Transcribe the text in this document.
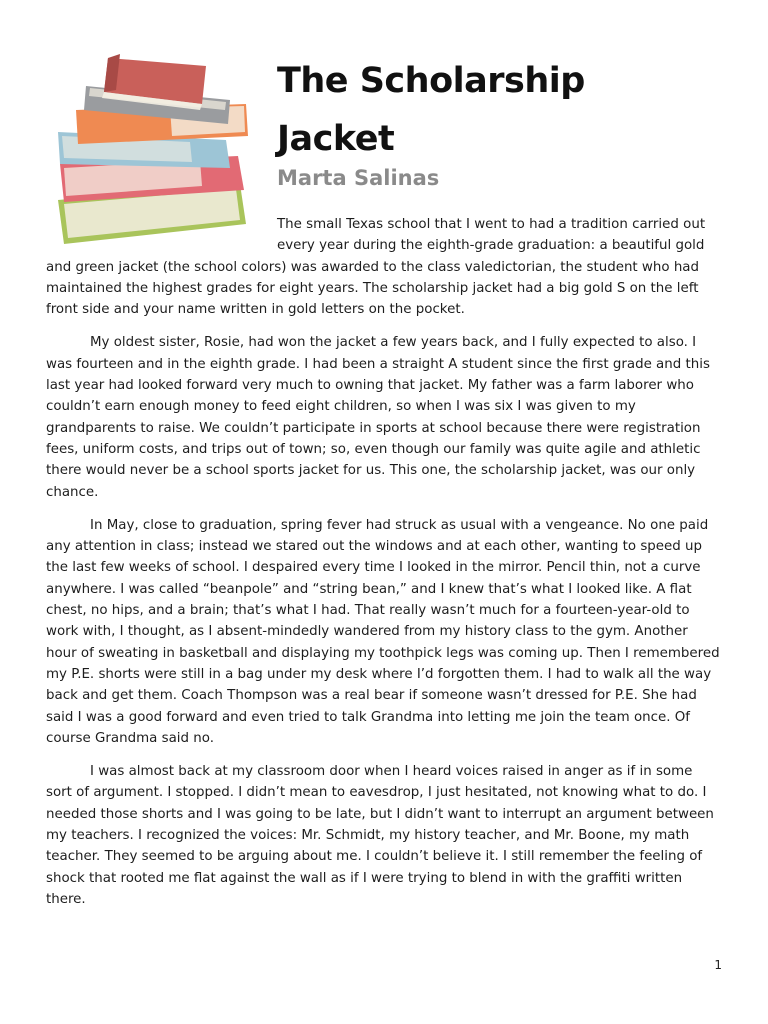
The Scholarship Jacket
Marta Salinas

The small Texas school that I went to had a tradition carried out every year during the eighth-grade graduation: a beautiful gold and green jacket (the school colors) was awarded to the class valedictorian, the student who had maintained the highest grades for eight years. The scholarship jacket had a big gold S on the left front side and your name written in gold letters on the pocket.

My oldest sister, Rosie, had won the jacket a few years back, and I fully expected to also. I was fourteen and in the eighth grade. I had been a straight A student since the first grade and this last year had looked forward very much to owning that jacket. My father was a farm laborer who couldn’t earn enough money to feed eight children, so when I was six I was given to my grandparents to raise. We couldn’t participate in sports at school because there were registration fees, uniform costs, and trips out of town; so, even though our family was quite agile and athletic there would never be a school sports jacket for us. This one, the scholarship jacket, was our only chance.

In May, close to graduation, spring fever had struck as usual with a vengeance. No one paid any attention in class; instead we stared out the windows and at each other, wanting to speed up the last few weeks of school. I despaired every time I looked in the mirror. Pencil thin, not a curve anywhere. I was called “beanpole” and “string bean,” and I knew that’s what I looked like. A flat chest, no hips, and a brain; that’s what I had. That really wasn’t much for a fourteen-year-old to work with, I thought, as I absent-mindedly wandered from my history class to the gym. Another hour of sweating in basketball and displaying my toothpick legs was coming up. Then I remembered my P.E. shorts were still in a bag under my desk where I’d forgotten them. I had to walk all the way back and get them. Coach Thompson was a real bear if someone wasn’t dressed for P.E. She had said I was a good forward and even tried to talk Grandma into letting me join the team once. Of course Grandma said no.

I was almost back at my classroom door when I heard voices raised in anger as if in some sort of argument. I stopped. I didn’t mean to eavesdrop, I just hesitated, not knowing what to do. I needed those shorts and I was going to be late, but I didn’t want to interrupt an argument between my teachers. I recognized the voices: Mr. Schmidt, my history teacher, and Mr. Boone, my math teacher. They seemed to be arguing about me. I couldn’t believe it. I still remember the feeling of shock that rooted me flat against the wall as if I were trying to blend in with the graffiti written there.

1
